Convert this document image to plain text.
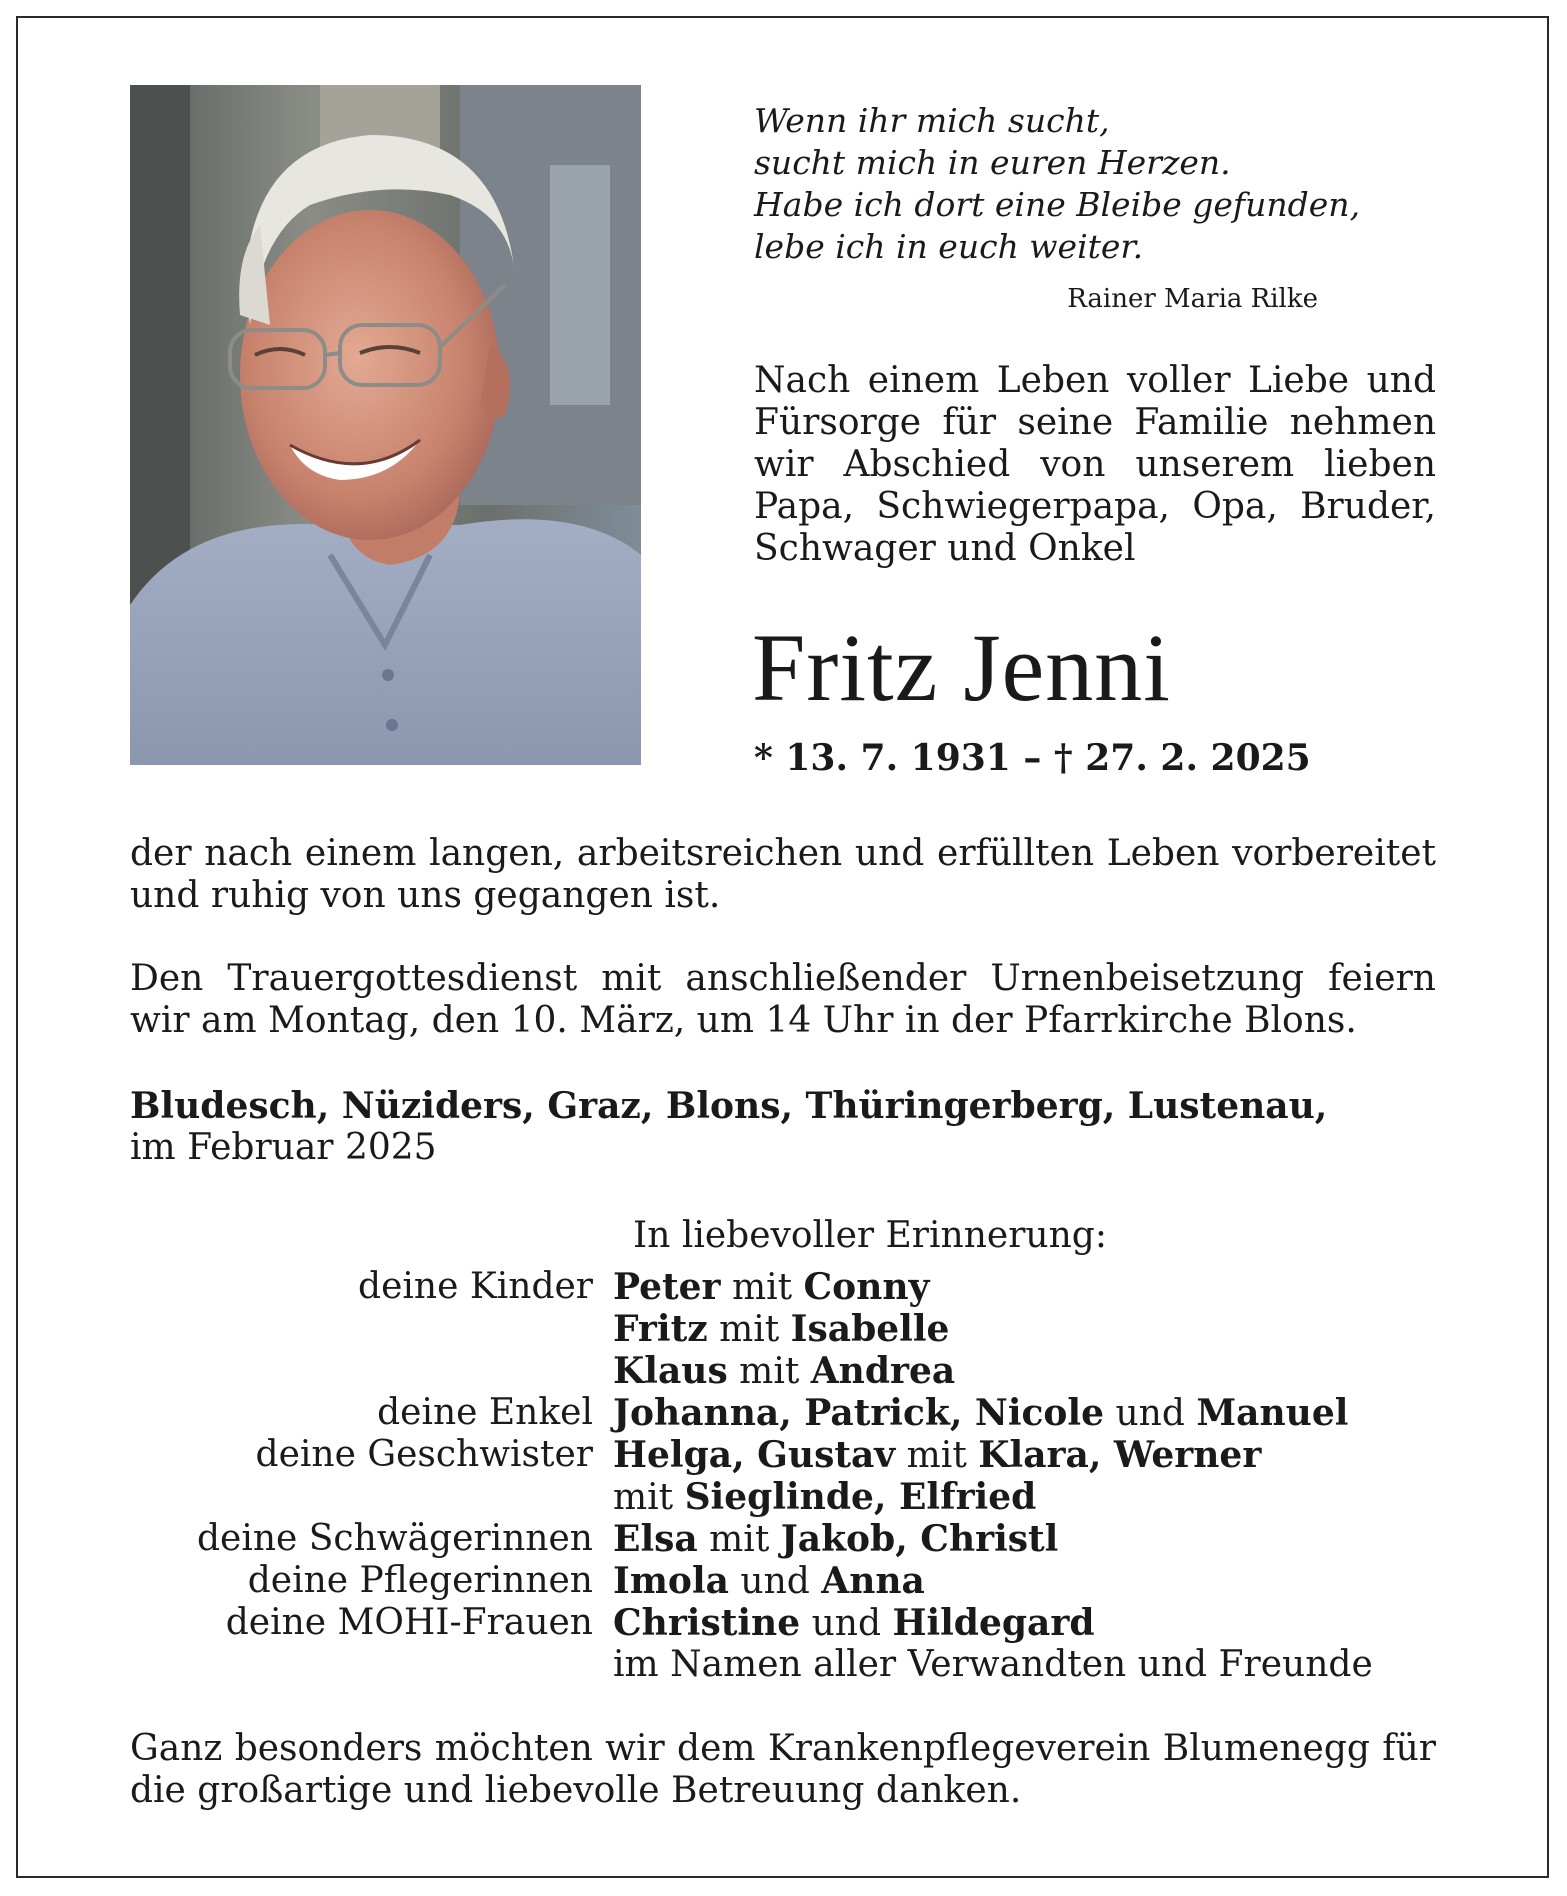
Wenn ihr mich sucht,
sucht mich in euren Herzen.
Habe ich dort eine Bleibe gefunden,
lebe ich in euch weiter.
Rainer Maria Rilke
Nach einem Leben voller Liebe und Fürsorge für seine Familie nehmen wir Abschied von unserem lieben Papa, Schwiegerpapa, Opa, Bruder, Schwager und Onkel
Fritz Jenni
* 13. 7. 1931 – † 27. 2. 2025
der nach einem langen, arbeitsreichen und erfüllten Leben vorbereitet und ruhig von uns gegangen ist.
Den Trauergottesdienst mit anschließender Urnenbeisetzung feiern wir am Montag, den 10. März, um 14 Uhr in der Pfarrkirche Blons.
Bludesch, Nüziders, Graz, Blons, Thüringerberg, Lustenau,
im Februar 2025
In liebevoller Erinnerung:
deine Kinder Peter mit Conny
Fritz mit Isabelle
Klaus mit Andrea
deine Enkel Johanna, Patrick, Nicole und Manuel
deine Geschwister Helga, Gustav mit Klara, Werner
mit Sieglinde, Elfried
deine Schwägerinnen Elsa mit Jakob, Christl
deine Pflegerinnen Imola und Anna
deine MOHI-Frauen Christine und Hildegard
im Namen aller Verwandten und Freunde
Ganz besonders möchten wir dem Krankenpflegeverein Blumenegg für die großartige und liebevolle Betreuung danken.
